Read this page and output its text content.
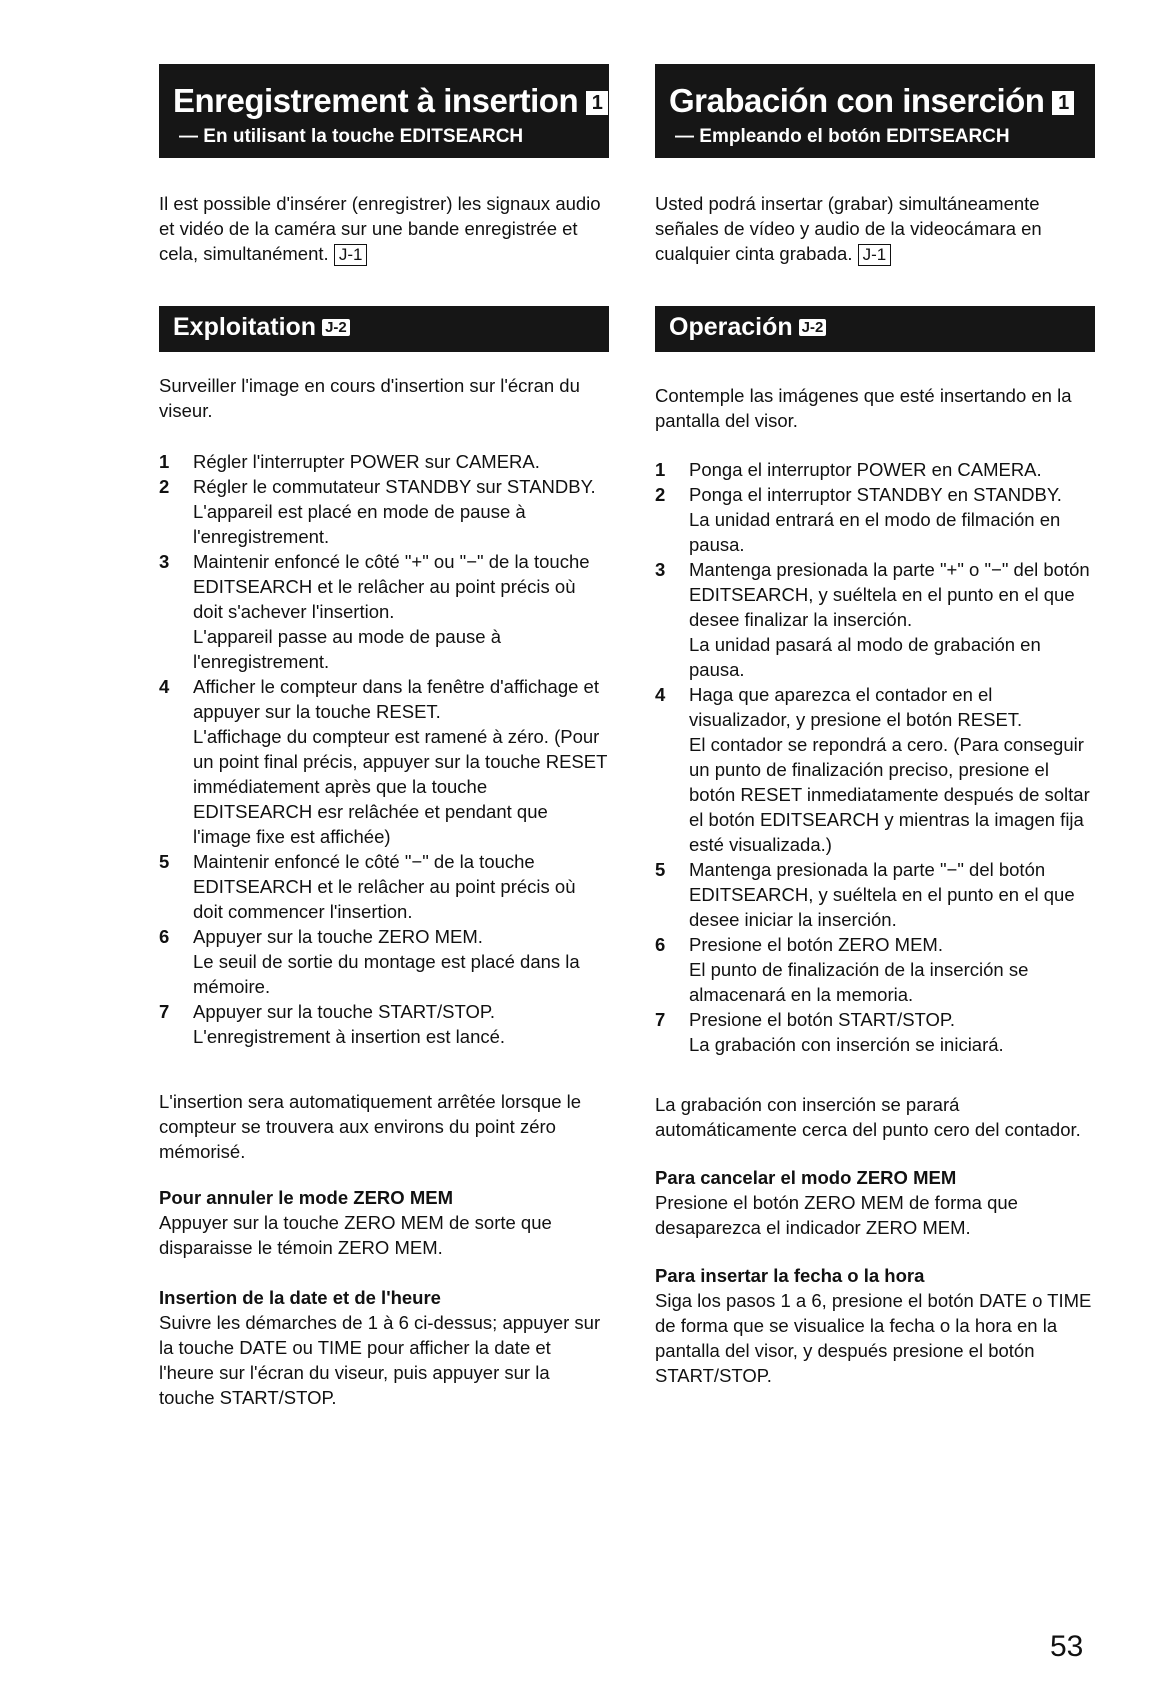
Enregistrement à insertion 1
— En utilisant la touche EDITSEARCH

Il est possible d'insérer (enregistrer) les signaux audio et vidéo de la caméra sur une bande enregistrée et cela, simultanément. J-1

Exploitation J-2

Surveiller l'image en cours d'insertion sur l'écran du viseur.

1 Régler l'interrupter POWER sur CAMERA.
2 Régler le commutateur STANDBY sur STANDBY.
L'appareil est placé en mode de pause à l'enregistrement.
3 Maintenir enfoncé le côté "+" ou "−" de la touche EDITSEARCH et le relâcher au point précis où doit s'achever l'insertion.
L'appareil passe au mode de pause à l'enregistrement.
4 Afficher le compteur dans la fenêtre d'affichage et appuyer sur la touche RESET.
L'affichage du compteur est ramené à zéro. (Pour un point final précis, appuyer sur la touche RESET immédiatement après que la touche EDITSEARCH esr relâchée et pendant que l'image fixe est affichée)
5 Maintenir enfoncé le côté "−" de la touche EDITSEARCH et le relâcher au point précis où doit commencer l'insertion.
6 Appuyer sur la touche ZERO MEM.
Le seuil de sortie du montage est placé dans la mémoire.
7 Appuyer sur la touche START/STOP.
L'enregistrement à insertion est lancé.

L'insertion sera automatiquement arrêtée lorsque le compteur se trouvera aux environs du point zéro mémorisé.

Pour annuler le mode ZERO MEM

Appuyer sur la touche ZERO MEM de sorte que disparaisse le témoin ZERO MEM.

Insertion de la date et de l'heure

Suivre les démarches de 1 à 6 ci-dessus; appuyer sur la touche DATE ou TIME pour afficher la date et l'heure sur l'écran du viseur, puis appuyer sur la touche START/STOP.

Grabación con inserción 1
— Empleando el botón EDITSEARCH

Usted podrá insertar (grabar) simultáneamente señales de vídeo y audio de la videocámara en cualquier cinta grabada. J-1

Operación J-2

Contemple las imágenes que esté insertando en la pantalla del visor.

1 Ponga el interruptor POWER en CAMERA.
2 Ponga el interruptor STANDBY en STANDBY.
La unidad entrará en el modo de filmación en pausa.
3 Mantenga presionada la parte "+" o "−" del botón EDITSEARCH, y suéltela en el punto en el que desee finalizar la inserción.
La unidad pasará al modo de grabación en pausa.
4 Haga que aparezca el contador en el visualizador, y presione el botón RESET.
El contador se repondrá a cero. (Para conseguir un punto de finalización preciso, presione el botón RESET inmediatamente después de soltar el botón EDITSEARCH y mientras la imagen fija esté visualizada.)
5 Mantenga presionada la parte "−" del botón EDITSEARCH, y suéltela en el punto en el que desee iniciar la inserción.
6 Presione el botón ZERO MEM.
El punto de finalización de la inserción se almacenará en la memoria.
7 Presione el botón START/STOP.
La grabación con inserción se iniciará.

La grabación con inserción se parará automáticamente cerca del punto cero del contador.

Para cancelar el modo ZERO MEM

Presione el botón ZERO MEM de forma que desaparezca el indicador ZERO MEM.

Para insertar la fecha o la hora

Siga los pasos 1 a 6, presione el botón DATE o TIME de forma que se visualice la fecha o la hora en la pantalla del visor, y después presione el botón START/STOP.

53
